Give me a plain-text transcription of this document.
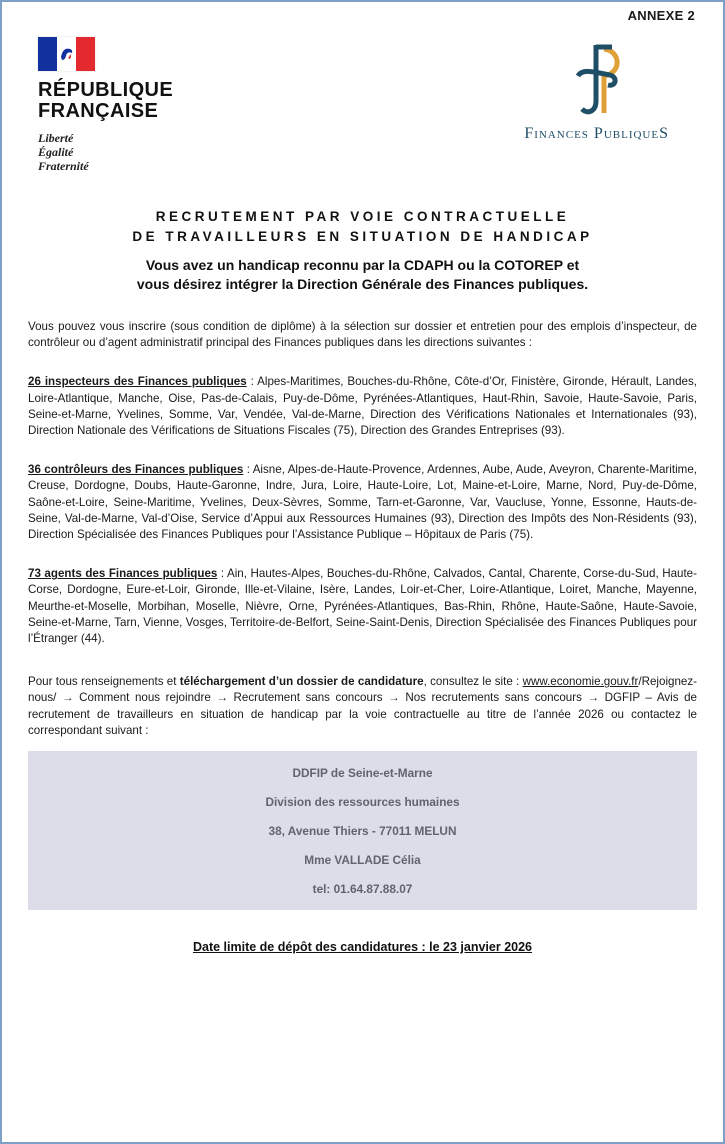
ANNEXE 2
RÉPUBLIQUE
FRANÇAISE
Liberté
Égalité
Fraternité
Finances PubliqueS
RECRUTEMENT PAR VOIE CONTRACTUELLE
DE TRAVAILLEURS EN SITUATION DE HANDICAP
Vous avez un handicap reconnu par la CDAPH ou la COTOREP et
vous désirez intégrer la Direction Générale des Finances publiques.

Vous pouvez vous inscrire (sous condition de diplôme) à la sélection sur dossier et entretien pour des emplois d’inspecteur, de contrôleur ou d’agent administratif principal des Finances publiques dans les directions suivantes :

26 inspecteurs des Finances publiques : Alpes-Maritimes, Bouches-du-Rhône, Côte-d’Or, Finistère, Gironde, Hérault, Landes, Loire-Atlantique, Manche, Oise, Pas-de-Calais, Puy-de-Dôme, Pyrénées-Atlantiques, Haut-Rhin, Savoie, Haute-Savoie, Paris, Seine-et-Marne, Yvelines, Somme, Var, Vendée, Val-de-Marne, Direction des Vérifications Nationales et Internationales (93), Direction Nationale des Vérifications de Situations Fiscales (75), Direction des Grandes Entreprises (93).

36 contrôleurs des Finances publiques : Aisne, Alpes-de-Haute-Provence, Ardennes, Aube, Aude, Aveyron, Charente-Maritime, Creuse, Dordogne, Doubs, Haute-Garonne, Indre, Jura, Loire, Haute-Loire, Lot, Maine-et-Loire, Marne, Nord, Puy-de-Dôme, Saône-et-Loire, Seine-Maritime, Yvelines, Deux-Sèvres, Somme, Tarn-et-Garonne, Var, Vaucluse, Yonne, Essonne, Hauts-de-Seine, Val-de-Marne, Val-d’Oise, Service d’Appui aux Ressources Humaines (93), Direction des Impôts des Non-Résidents (93), Direction Spécialisée des Finances Publiques pour l’Assistance Publique – Hôpitaux de Paris (75).

73 agents des Finances publiques : Ain, Hautes-Alpes, Bouches-du-Rhône, Calvados, Cantal, Charente, Corse-du-Sud, Haute-Corse, Dordogne, Eure-et-Loir, Gironde, Ille-et-Vilaine, Isère, Landes, Loir-et-Cher, Loire-Atlantique, Loiret, Manche, Mayenne, Meurthe-et-Moselle, Morbihan, Moselle, Nièvre, Orne, Pyrénées-Atlantiques, Bas-Rhin, Rhône, Haute-Saône, Haute-Savoie, Seine-et-Marne, Tarn, Vienne, Vosges, Territoire-de-Belfort, Seine-Saint-Denis, Direction Spécialisée des Finances Publiques pour l’Étranger (44).

Pour tous renseignements et téléchargement d’un dossier de candidature, consultez le site : www.economie.gouv.fr/Rejoignez-nous/ → Comment nous rejoindre → Recrutement sans concours → Nos recrutements sans concours → DGFIP – Avis de recrutement de travailleurs en situation de handicap par la voie contractuelle au titre de l’année 2026 ou contactez le correspondant suivant :

DDFIP de Seine-et-Marne

Division des ressources humaines

38, Avenue Thiers - 77011 MELUN

Mme VALLADE Célia

tel: 01.64.87.88.07

Date limite de dépôt des candidatures : le 23 janvier 2026
